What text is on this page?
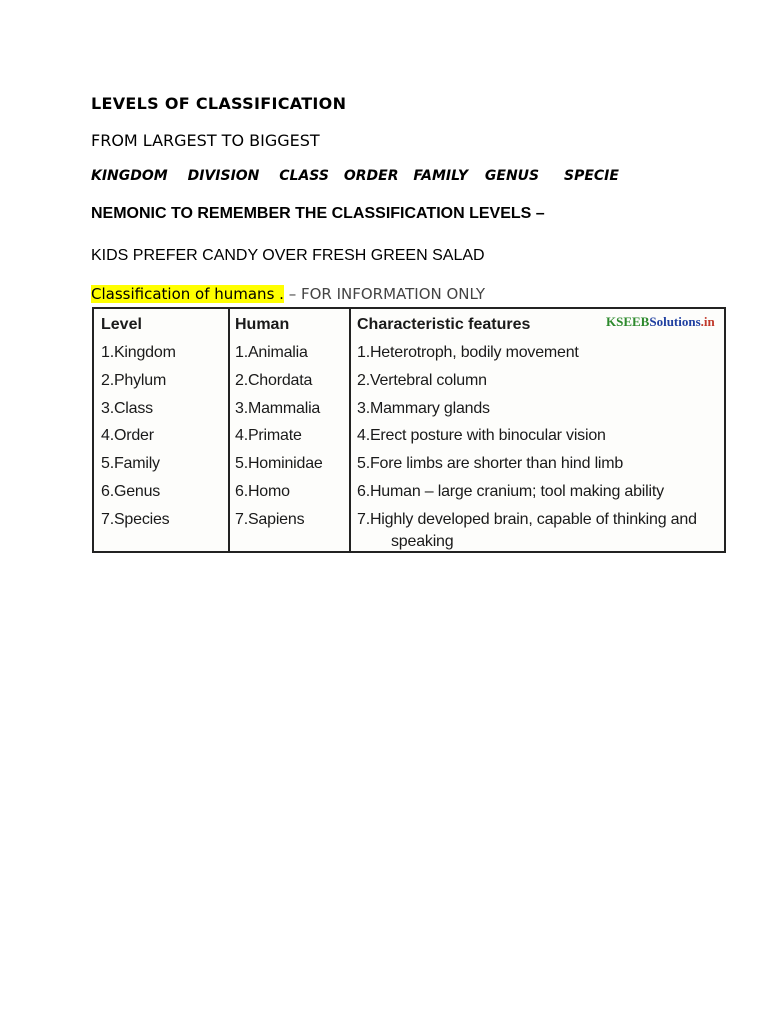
LEVELS OF CLASSIFICATION
FROM LARGEST TO BIGGEST
KINGDOM DIVISION CLASS ORDER FAMILY GENUS SPECIE
NEMONIC TO REMEMBER THE CLASSIFICATION LEVELS –
KIDS PREFER CANDY OVER FRESH GREEN SALAD
Classification of humans . – FOR INFORMATION ONLY
Level	Human	Characteristic features	KSEEBSolutions.in
1.Kingdom	1.Animalia	1.Heterotroph, bodily movement
2.Phylum	2.Chordata	2.Vertebral column
3.Class	3.Mammalia 3.Mammary glands
4.Order	4.Primate	4.Erect posture with binocular vision
5.Family	5.Hominidae 5.Fore limbs are shorter than hind limb
6.Genus	6.Homo	6.Human – large cranium; tool making ability
7.Species	7.Sapiens	7.Highly developed brain, capable of thinking and
speaking
